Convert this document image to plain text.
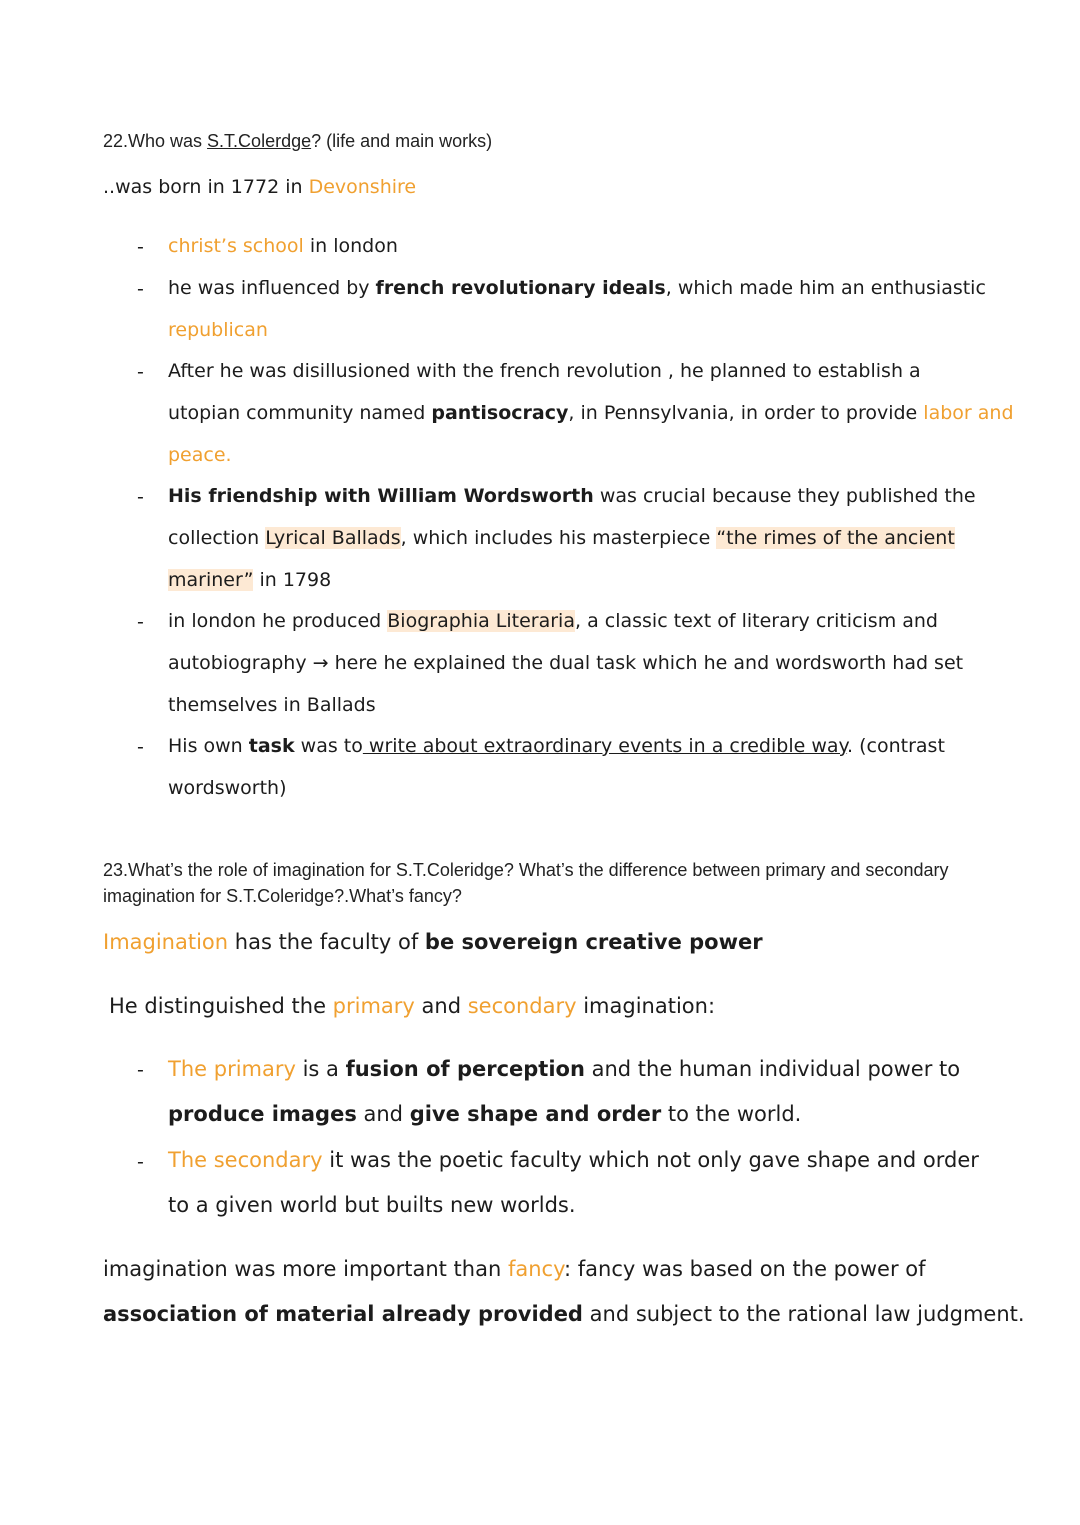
22.Who was S.T.Colerdge? (life and main works)
..was born in 1772 in Devonshire
- christ’s school in london
- he was influenced by french revolutionary ideals, which made him an enthusiastic
republican
- After he was disillusioned with the french revolution , he planned to establish a
utopian community named pantisocracy, in Pennsylvania, in order to provide labor and
peace.
- His friendship with William Wordsworth was crucial because they published the
collection Lyrical Ballads, which includes his masterpiece “the rimes of the ancient
mariner” in 1798
- in london he produced Biographia Literaria, a classic text of literary criticism and
autobiography → here he explained the dual task which he and wordsworth had set
themselves in Ballads
- His own task was to write about extraordinary events in a credible way. (contrast
wordsworth)
23.What’s the role of imagination for S.T.Coleridge? What’s the difference between primary and secondary
imagination for S.T.Coleridge?.What’s fancy?
Imagination has the faculty of be sovereign creative power
He distinguished the primary and secondary imagination:
- The primary is a fusion of perception and the human individual power to
produce images and give shape and order to the world.
- The secondary it was the poetic faculty which not only gave shape and order
to a given world but builts new worlds.
imagination was more important than fancy: fancy was based on the power of
association of material already provided and subject to the rational law judgment.
